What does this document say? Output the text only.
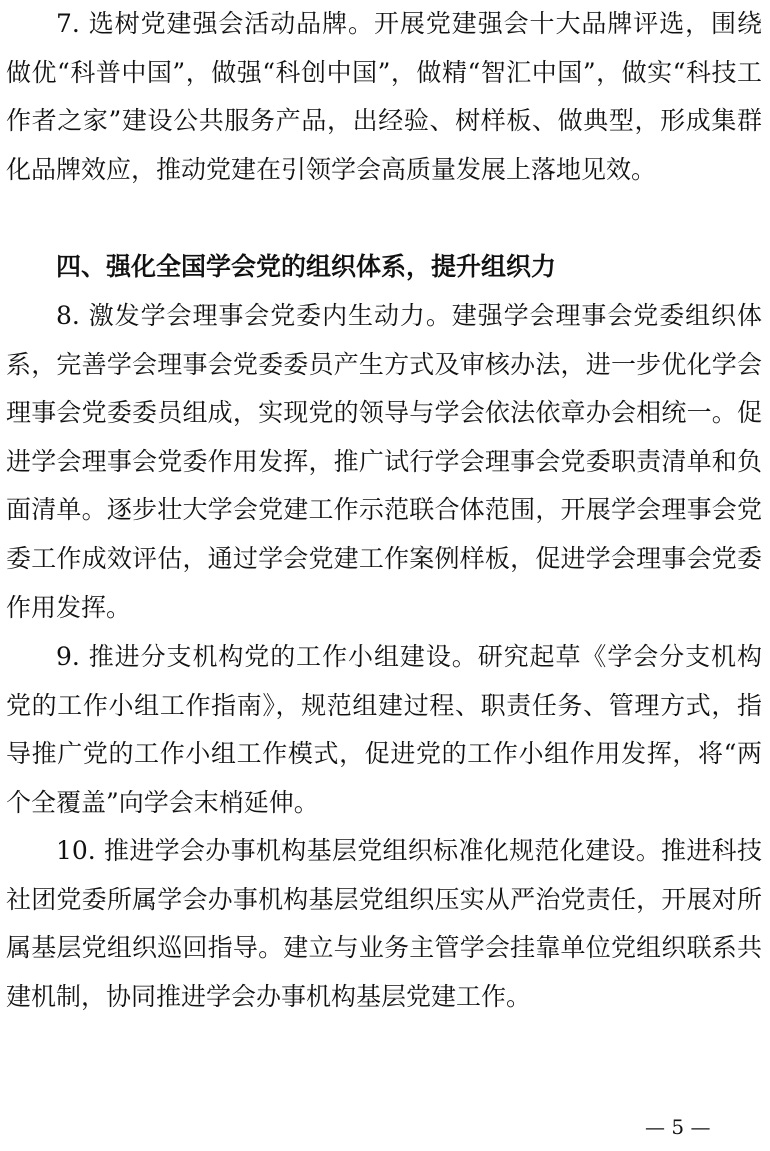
7. 选树党建强会活动品牌。开展党建强会十大品牌评选，围绕做优“科普中国”，做强“科创中国”，做精“智汇中国”，做实“科技工作者之家”建设公共服务产品，出经验、树样板、做典型，形成集群化品牌效应，推动党建在引领学会高质量发展上落地见效。

四、强化全国学会党的组织体系，提升组织力

8. 激发学会理事会党委内生动力。建强学会理事会党委组织体系，完善学会理事会党委委员产生方式及审核办法，进一步优化学会理事会党委委员组成，实现党的领导与学会依法依章办会相统一。促进学会理事会党委作用发挥，推广试行学会理事会党委职责清单和负面清单。逐步壮大学会党建工作示范联合体范围，开展学会理事会党委工作成效评估，通过学会党建工作案例样板，促进学会理事会党委作用发挥。

9. 推进分支机构党的工作小组建设。研究起草《学会分支机构党的工作小组工作指南》，规范组建过程、职责任务、管理方式，指导推广党的工作小组工作模式，促进党的工作小组作用发挥，将“两个全覆盖”向学会末梢延伸。

10. 推进学会办事机构基层党组织标准化规范化建设。推进科技社团党委所属学会办事机构基层党组织压实从严治党责任，开展对所属基层党组织巡回指导。建立与业务主管学会挂靠单位党组织联系共建机制，协同推进学会办事机构基层党建工作。

— 5 —
